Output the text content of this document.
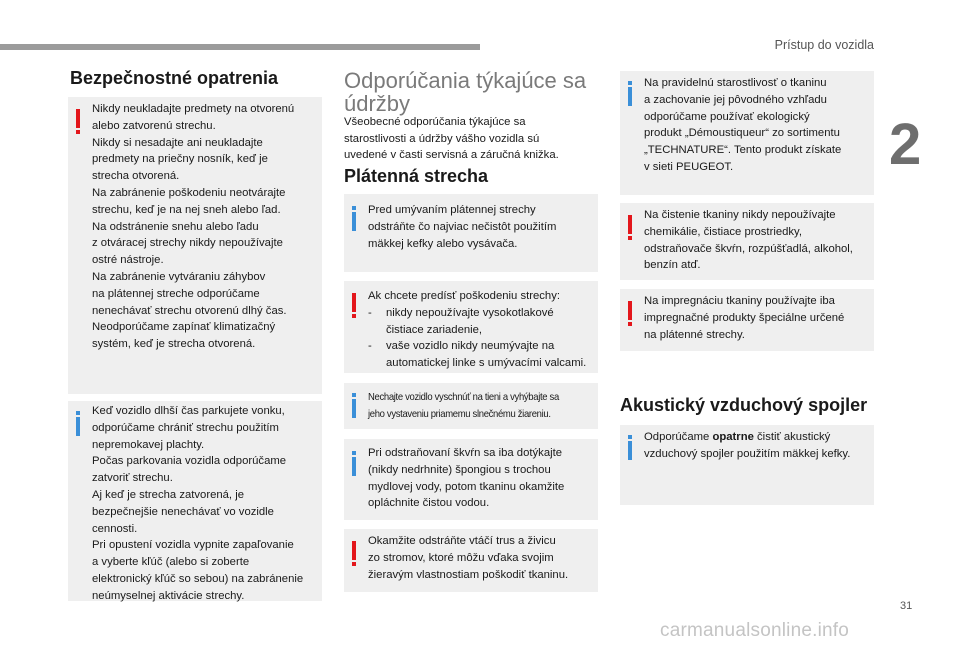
Prístup do vozidla
2
31
carmanualsonline.info
Bezpečnostné opatrenia
Nikdy neukladajte predmety na otvorenú
alebo zatvorenú strechu.
Nikdy si nesadajte ani neukladajte
predmety na priečny nosník, keď je
strecha otvorená.
Na zabránenie poškodeniu neotvárajte
strechu, keď je na nej sneh alebo ľad.
Na odstránenie snehu alebo ľadu
z otváracej strechy nikdy nepoužívajte
ostré nástroje.
Na zabránenie vytváraniu záhybov
na plátennej streche odporúčame
nenechávať strechu otvorenú dlhý čas.
Neodporúčame zapínať klimatizačný
systém, keď je strecha otvorená.
Keď vozidlo dlhší čas parkujete vonku,
odporúčame chrániť strechu použitím
nepremokavej plachty.
Počas parkovania vozidla odporúčame
zatvoriť strechu.
Aj keď je strecha zatvorená, je
bezpečnejšie nenechávať vo vozidle
cennosti.
Pri opustení vozidla vypnite zapaľovanie
a vyberte kľúč (alebo si zoberte
elektronický kľúč so sebou) na zabránenie
neúmyselnej aktivácie strechy.
Odporúčania týkajúce sa údržby
Všeobecné odporúčania týkajúce sa
starostlivosti a údržby vášho vozidla sú
uvedené v časti servisná a záručná knižka.
Plátenná strecha
Pred umývaním plátennej strechy
odstráňte čo najviac nečistôt použitím
mäkkej kefky alebo vysávača.
Ak chcete predísť poškodeniu strechy:
- nikdy nepoužívajte vysokotlakové
čistiace zariadenie,
- vaše vozidlo nikdy neumývajte na
automatickej linke s umývacími valcami.
Nechajte vozidlo vyschnúť na tieni a vyhýbajte sa
jeho vystaveniu priamemu slnečnému žiareniu.
Pri odstraňovaní škvŕn sa iba dotýkajte
(nikdy nedrhnite) špongiou s trochou
mydlovej vody, potom tkaninu okamžite
opláchnite čistou vodou.
Okamžite odstráňte vtáčí trus a živicu
zo stromov, ktoré môžu vďaka svojim
žieravým vlastnostiam poškodiť tkaninu.
Na pravidelnú starostlivosť o tkaninu
a zachovanie jej pôvodného vzhľadu
odporúčame používať ekologický
produkt „Démoustiqueur“ zo sortimentu
„TECHNATURE“. Tento produkt získate
v sieti PEUGEOT.
Na čistenie tkaniny nikdy nepoužívajte
chemikálie, čistiace prostriedky,
odstraňovače škvŕn, rozpúšťadlá, alkohol,
benzín atď.
Na impregnáciu tkaniny používajte iba
impregnačné produkty špeciálne určené
na plátenné strechy.
Akustický vzduchový spojler
Odporúčame opatrne čistiť akustický
vzduchový spojler použitím mäkkej kefky.
